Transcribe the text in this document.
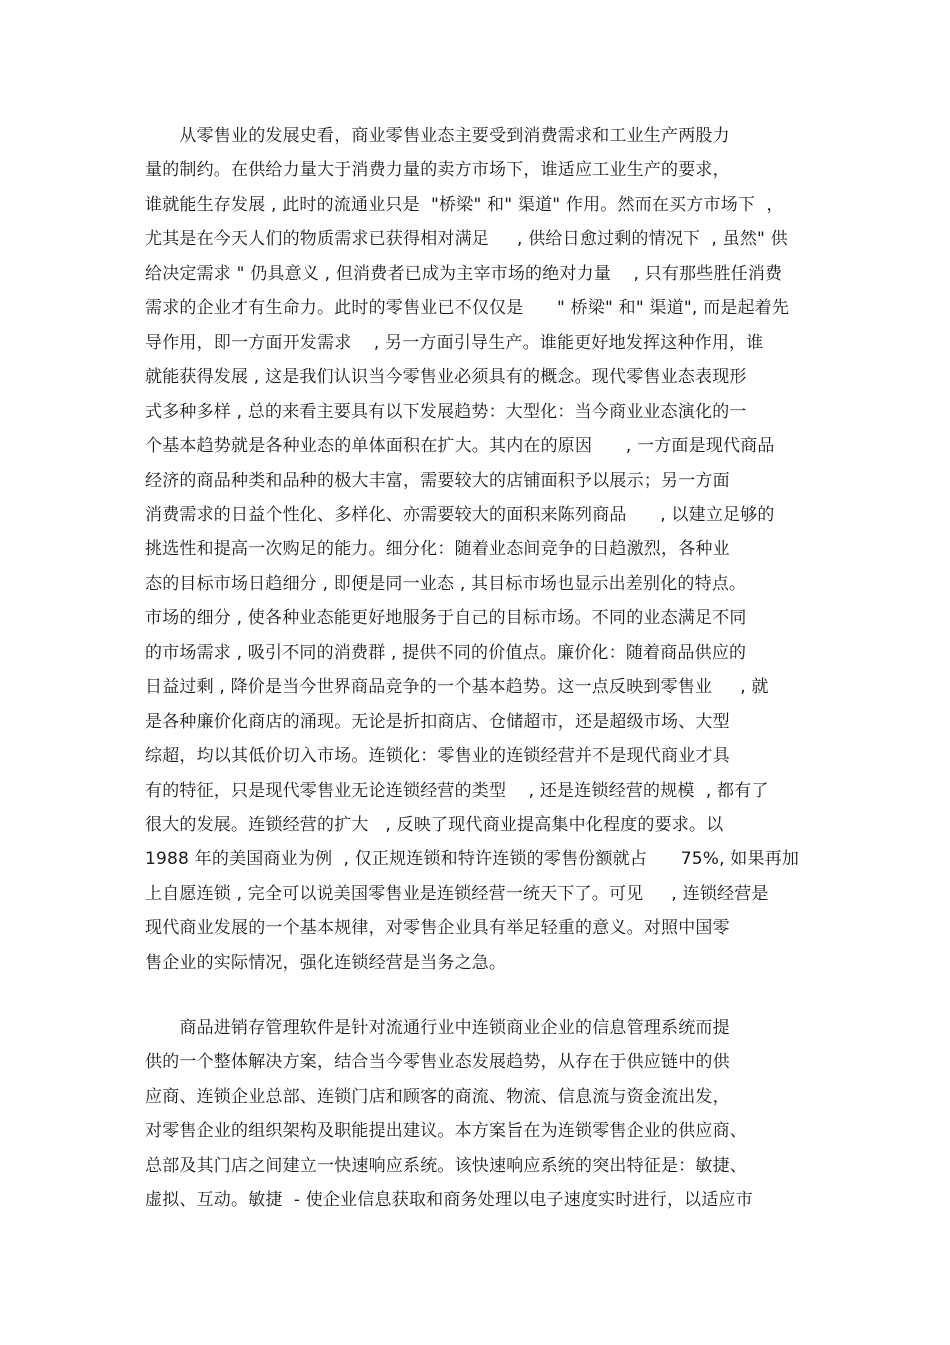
　　从零售业的发展史看，商业零售业态主要受到消费需求和工业生产两股力
量的制约。在供给力量大于消费力量的卖方市场下，谁适应工业生产的要求，
谁就能生存发展 , 此时的流通业只是  "桥梁" 和" 渠道" 作用。然而在买方市场下  ，
尤其是在今天人们的物质需求已获得相对满足     , 供给日愈过剩的情况下  , 虽然" 供
给决定需求 " 仍具意义 , 但消费者已成为主宰市场的绝对力量    , 只有那些胜任消费
需求的企业才有生命力。此时的零售业已不仅仅是      " 桥梁" 和" 渠道", 而是起着先
导作用，即一方面开发需求    , 另一方面引导生产。谁能更好地发挥这种作用，谁
就能获得发展 , 这是我们认识当今零售业必须具有的概念。现代零售业态表现形
式多种多样 , 总的来看主要具有以下发展趋势：大型化：当今商业业态演化的一
个基本趋势就是各种业态的单体面积在扩大。其内在的原因      , 一方面是现代商品
经济的商品种类和品种的极大丰富，需要较大的店铺面积予以展示；另一方面
消费需求的日益个性化、多样化、亦需要较大的面积来陈列商品      , 以建立足够的
挑选性和提高一次购足的能力。细分化：随着业态间竞争的日趋激烈，各种业
态的目标市场日趋细分 , 即便是同一业态 , 其目标市场也显示出差别化的特点。
市场的细分 , 使各种业态能更好地服务于自己的目标市场。不同的业态满足不同
的市场需求 , 吸引不同的消费群 , 提供不同的价值点。廉价化：随着商品供应的
日益过剩 , 降价是当今世界商品竞争的一个基本趋势。这一点反映到零售业     , 就
是各种廉价化商店的涌现。无论是折扣商店、仓储超市，还是超级市场、大型
综超，均以其低价切入市场。连锁化：零售业的连锁经营并不是现代商业才具
有的特征，只是现代零售业无论连锁经营的类型    , 还是连锁经营的规模  , 都有了
很大的发展。连锁经营的扩大   , 反映了现代商业提高集中化程度的要求。以
1988 年的美国商业为例  , 仅正规连锁和特许连锁的零售份额就占      75%, 如果再加
上自愿连锁 , 完全可以说美国零售业是连锁经营一统天下了。可见     , 连锁经营是
现代商业发展的一个基本规律，对零售企业具有举足轻重的意义。对照中国零
售企业的实际情况，强化连锁经营是当务之急。
　　商品进销存管理软件是针对流通行业中连锁商业企业的信息管理系统而提
供的一个整体解决方案，结合当今零售业态发展趋势，从存在于供应链中的供
应商、连锁企业总部、连锁门店和顾客的商流、物流、信息流与资金流出发，
对零售企业的组织架构及职能提出建议。本方案旨在为连锁零售企业的供应商、
总部及其门店之间建立一快速响应系统。该快速响应系统的突出特征是：敏捷、
虚拟、互动。敏捷  - 使企业信息获取和商务处理以电子速度实时进行，以适应市
